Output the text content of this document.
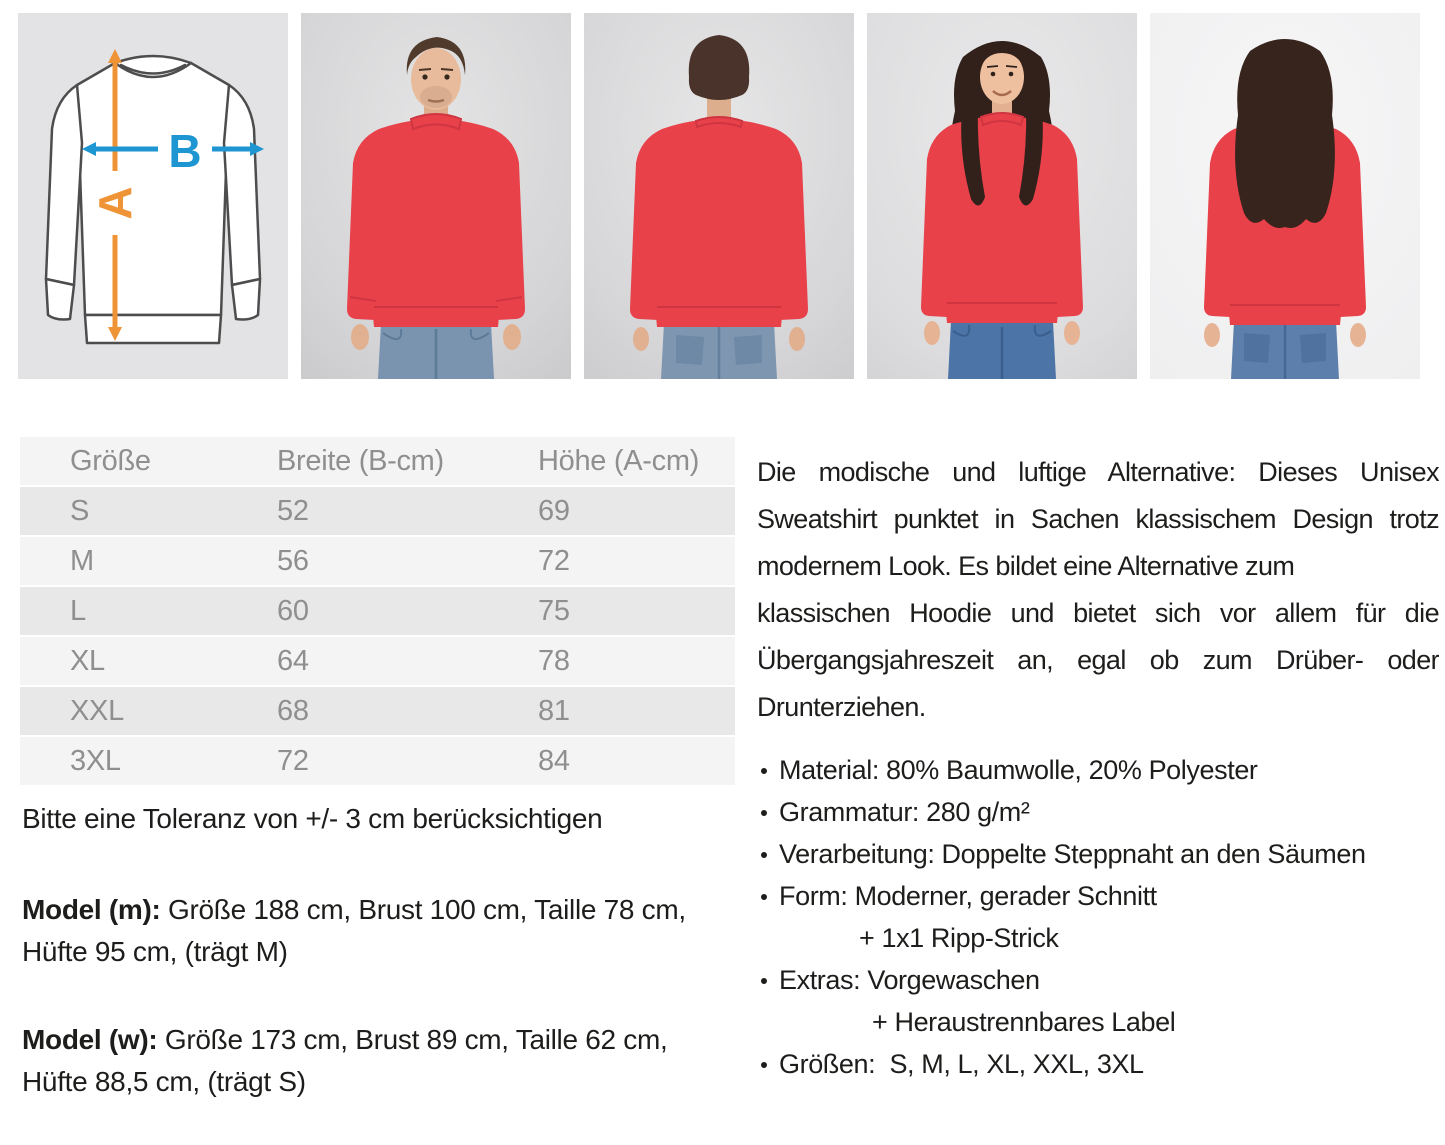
A
B
Größe	Breite (B-cm)	Höhe (A-cm)
S	52	69
M	56	72
L	60	75
XL	64	78
XXL	68	81
3XL	72	84
Bitte eine Toleranz von +/- 3 cm berücksichtigen
Model (m): Größe 188 cm, Brust 100 cm, Taille 78 cm,
Hüfte 95 cm, (trägt M)
Model (w): Größe 173 cm, Brust 89 cm, Taille 62 cm,
Hüfte 88,5 cm, (trägt S)
Die modische und luftige Alternative: Dieses Unisex
Sweatshirt punktet in Sachen klassischem Design trotz
modernem Look. Es bildet eine Alternative zum
klassischen Hoodie und bietet sich vor allem für die
Übergangsjahreszeit an, egal ob zum Drüber- oder
Drunterziehen.
Material: 80% Baumwolle, 20% Polyester
Grammatur: 280 g/m²
Verarbeitung: Doppelte Steppnaht an den Säumen
Form: Moderner, gerader Schnitt
+ 1x1 Ripp-Strick
Extras: Vorgewaschen
+ Heraustrennbares Label
Größen:  S, M, L, XL, XXL, 3XL
